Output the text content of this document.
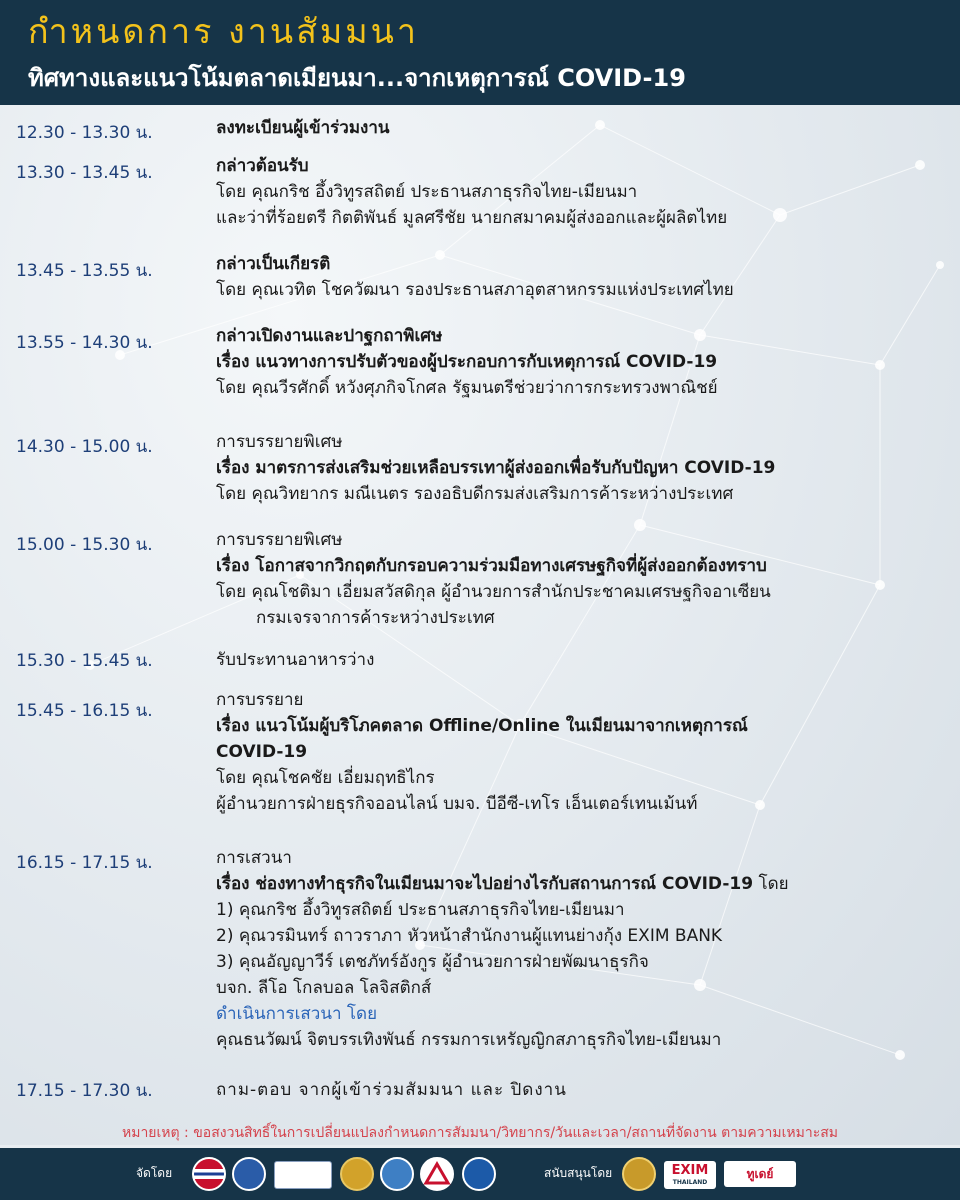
กำหนดการ งานสัมมนา
ทิศทางและแนวโน้มตลาดเมียนมา...จากเหตุการณ์ COVID-19
12.30 - 13.30 น.	ลงทะเบียนผู้เข้าร่วมงาน
13.30 - 13.45 น.	กล่าวต้อนรับ
โดย คุณกริช อึ้งวิทูรสถิตย์ ประธานสภาธุรกิจไทย-เมียนมา
และว่าที่ร้อยตรี กิตติพันธ์ มูลศรีชัย นายกสมาคมผู้ส่งออกและผู้ผลิตไทย
13.45 - 13.55 น.	กล่าวเป็นเกียรติ
โดย คุณเวทิต โชควัฒนา รองประธานสภาอุตสาหกรรมแห่งประเทศไทย
13.55 - 14.30 น.	กล่าวเปิดงานและปาฐกถาพิเศษ
เรื่อง แนวทางการปรับตัวของผู้ประกอบการกับเหตุการณ์ COVID-19
โดย คุณวีรศักดิ์ หวังศุภกิจโกศล รัฐมนตรีช่วยว่าการกระทรวงพาณิชย์
14.30 - 15.00 น.	การบรรยายพิเศษ
เรื่อง มาตรการส่งเสริมช่วยเหลือบรรเทาผู้ส่งออกเพื่อรับกับปัญหา COVID-19
โดย คุณวิทยากร มณีเนตร รองอธิบดีกรมส่งเสริมการค้าระหว่างประเทศ
15.00 - 15.30 น.	การบรรยายพิเศษ
เรื่อง โอกาสจากวิกฤตกับกรอบความร่วมมือทางเศรษฐกิจที่ผู้ส่งออกต้องทราบ
โดย คุณโชติมา เอี่ยมสวัสดิกุล ผู้อำนวยการสำนักประชาคมเศรษฐกิจอาเซียน
กรมเจรจาการค้าระหว่างประเทศ
15.30 - 15.45 น.	รับประทานอาหารว่าง
15.45 - 16.15 น.
การบรรยาย
เรื่อง แนวโน้มผู้บริโภคตลาด Offline/Online ในเมียนมาจากเหตุการณ์
COVID-19
โดย คุณโชคชัย เอี่ยมฤทธิไกร
ผู้อำนวยการฝ่ายธุรกิจออนไลน์ บมจ. บีอีซี-เทโร เอ็นเตอร์เทนเม้นท์
16.15 - 17.15 น.	การเสวนา
เรื่อง ช่องทางทำธุรกิจในเมียนมาจะไปอย่างไรกับสถานการณ์ COVID-19 โดย
1) คุณกริช อึ้งวิทูรสถิตย์ ประธานสภาธุรกิจไทย-เมียนมา
2) คุณวรมินทร์ ถาวราภา หัวหน้าสำนักงานผู้แทนย่างกุ้ง EXIM BANK
3) คุณอัญญาวีร์ เตชภัทร์อังกูร ผู้อำนวยการฝ่ายพัฒนาธุรกิจ
บจก. ลีโอ โกลบอล โลจิสติกส์
ดำเนินการเสวนา โดย
คุณธนวัฒน์ จิตบรรเทิงพันธ์ กรรมการเหรัญญิกสภาธุรกิจไทย-เมียนมา
17.15 - 17.30 น.	ถาม-ตอบ จากผู้เข้าร่วมสัมมนา และ ปิดงาน
หมายเหตุ : ขอสงวนสิทธิ์ในการเปลี่ยนแปลงกำหนดการสัมมนา/วิทยากร/วันและเวลา/สถานที่จัดงาน ตามความเหมาะสม
จัดโดย	สนับสนุนโดย	EXIM
THAILAND
ทูเดย์
